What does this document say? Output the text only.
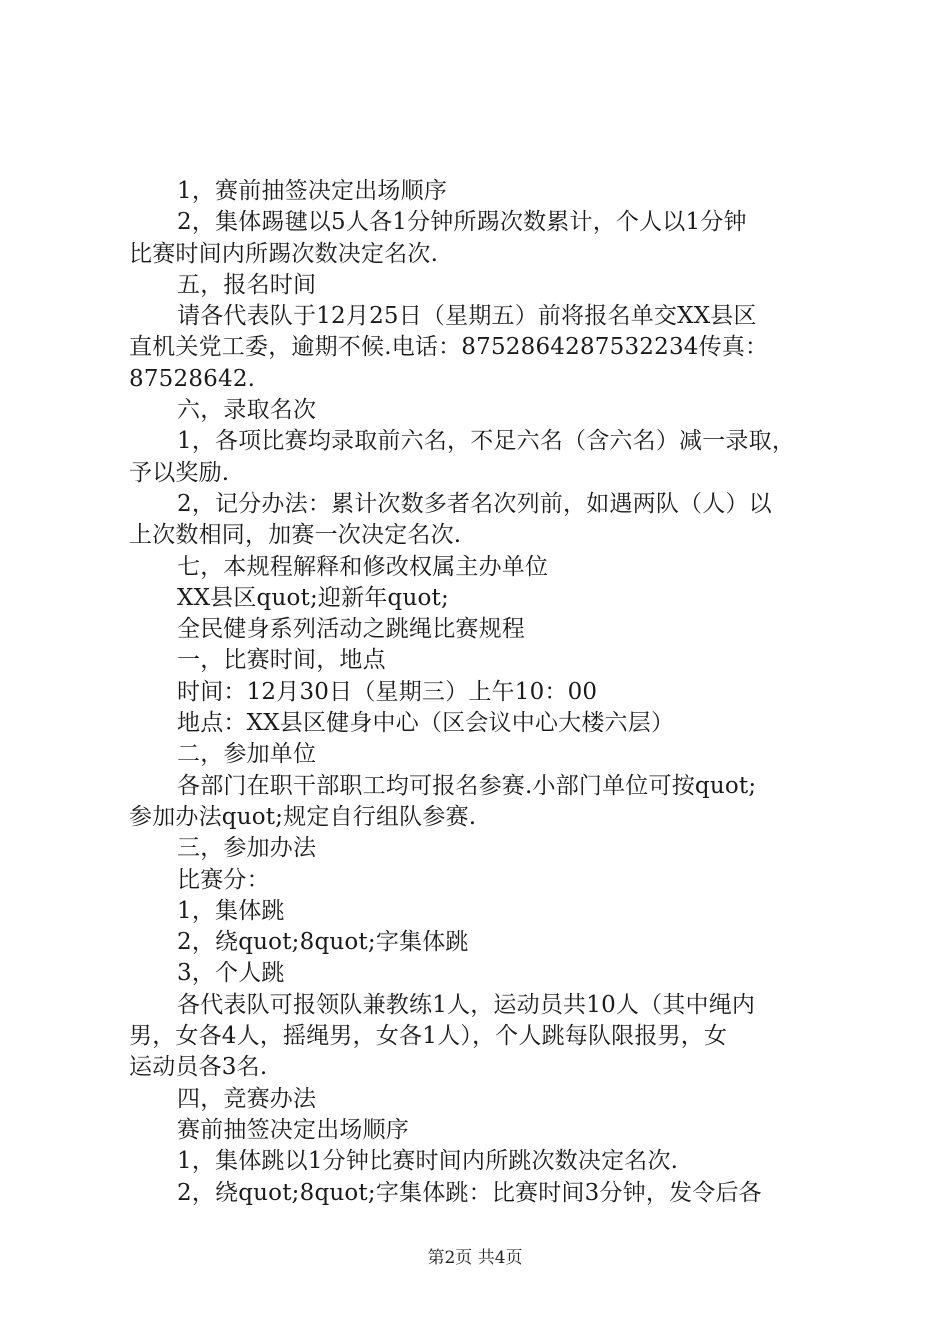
1，赛前抽签决定出场顺序
2，集体踢毽以5人各1分钟所踢次数累计，个人以1分钟
比赛时间内所踢次数决定名次.
五，报名时间
请各代表队于12月25日（星期五）前将报名单交XX县区
直机关党工委，逾期不候.电话：8752864287532234传真：
87528642.
六，录取名次
1，各项比赛均录取前六名，不足六名（含六名）减一录取，
予以奖励.
2，记分办法：累计次数多者名次列前，如遇两队（人）以
上次数相同，加赛一次决定名次.
七，本规程解释和修改权属主办单位
XX县区quot;迎新年quot;
全民健身系列活动之跳绳比赛规程
一，比赛时间，地点
时间：12月30日（星期三）上午10：00
地点：XX县区健身中心（区会议中心大楼六层）
二，参加单位
各部门在职干部职工均可报名参赛.小部门单位可按quot;
参加办法quot;规定自行组队参赛.
三，参加办法
比赛分：
1，集体跳
2，绕quot;8quot;字集体跳
3，个人跳
各代表队可报领队兼教练1人，运动员共10人（其中绳内
男，女各4人，摇绳男，女各1人），个人跳每队限报男，女
运动员各3名.
四，竞赛办法
赛前抽签决定出场顺序
1，集体跳以1分钟比赛时间内所跳次数决定名次.
2，绕quot;8quot;字集体跳：比赛时间3分钟，发令后各
第2页 共4页
